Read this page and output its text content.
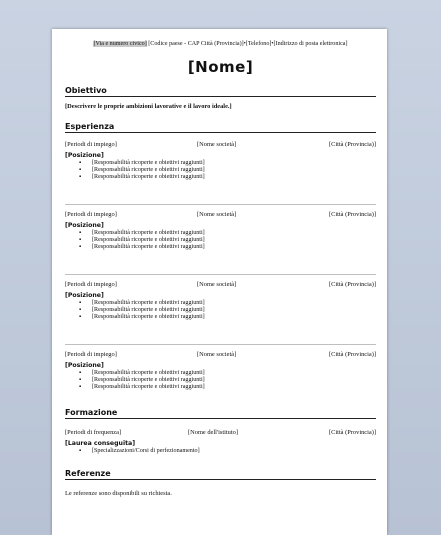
[Via e numero civico] [Codice paese - CAP Città (Provincia)]•[Telefono]•[Indirizzo di posta elettronica]
[Nome]
Obiettivo
[Descrivere le proprie ambizioni lavorative e il lavoro ideale.]
Esperienza
[Periodi di impiego]	[Nome società]	[Città (Provincia)]
[Posizione]
▪ [Responsabilità ricoperte e obiettivi raggiunti]
▪ [Responsabilità ricoperte e obiettivi raggiunti]
▪ [Responsabilità ricoperte e obiettivi raggiunti]
[Periodi di impiego]	[Nome società]	[Città (Provincia)]
[Posizione]
▪ [Responsabilità ricoperte e obiettivi raggiunti]
▪ [Responsabilità ricoperte e obiettivi raggiunti]
▪ [Responsabilità ricoperte e obiettivi raggiunti]
[Periodi di impiego]	[Nome società]	[Città (Provincia)]
[Posizione]
▪ [Responsabilità ricoperte e obiettivi raggiunti]
▪ [Responsabilità ricoperte e obiettivi raggiunti]
▪ [Responsabilità ricoperte e obiettivi raggiunti]
[Periodi di impiego]	[Nome società]	[Città (Provincia)]
[Posizione]
▪ [Responsabilità ricoperte e obiettivi raggiunti]
▪ [Responsabilità ricoperte e obiettivi raggiunti]
▪ [Responsabilità ricoperte e obiettivi raggiunti]
Formazione
[Periodi di frequenza]	[Nome dell'istituto]	[Città (Provincia)]
[Laurea conseguita]
▪ [Specializzazioni/Corsi di perfezionamento]
Referenze
Le referenze sono disponibili su richiesta.
